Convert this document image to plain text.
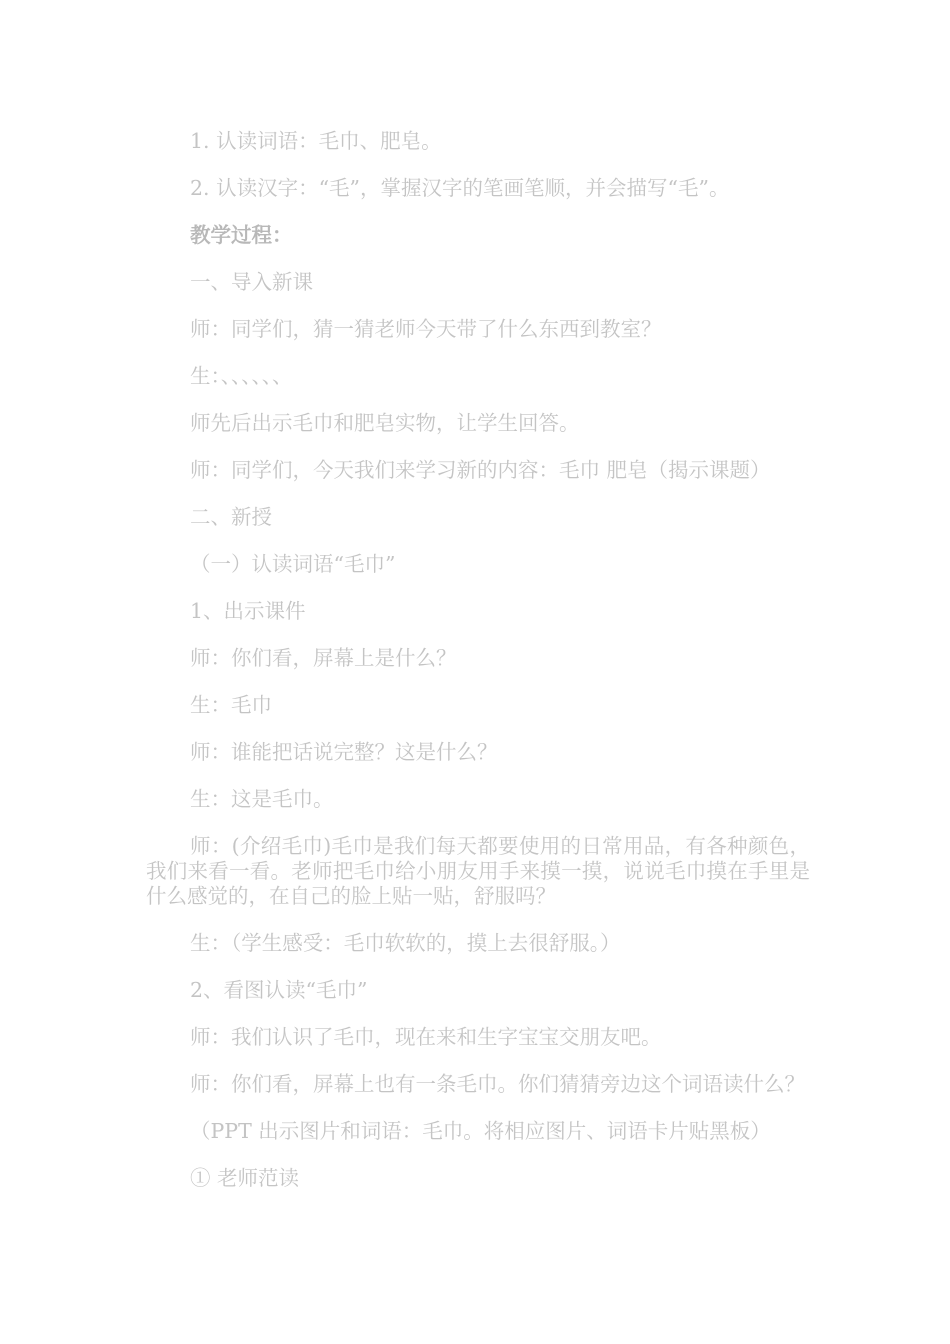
1. 认读词语：毛巾、肥皂。

2. 认读汉字：“毛”，掌握汉字的笔画笔顺，并会描写“毛”。

教学过程：

一、导入新课

师：同学们，猜一猜老师今天带了什么东西到教室？

生：、、、、、、

师先后出示毛巾和肥皂实物，让学生回答。

师：同学们，今天我们来学习新的内容：毛巾 肥皂（揭示课题）

二、新授

（一）认读词语“毛巾”

1、出示课件

师：你们看，屏幕上是什么？

生：毛巾

师：谁能把话说完整？这是什么？

生：这是毛巾。

师：(介绍毛巾)毛巾是我们每天都要使用的日常用品，有各种颜色，我们来看一看。老师把毛巾给小朋友用手来摸一摸，说说毛巾摸在手里是什么感觉的，在自己的脸上贴一贴，舒服吗？

生：（学生感受：毛巾软软的，摸上去很舒服。）

2、看图认读“毛巾”

师：我们认识了毛巾，现在来和生字宝宝交朋友吧。

师：你们看，屏幕上也有一条毛巾。你们猜猜旁边这个词语读什么？

（PPT 出示图片和词语：毛巾。将相应图片、词语卡片贴黑板）

① 老师范读
